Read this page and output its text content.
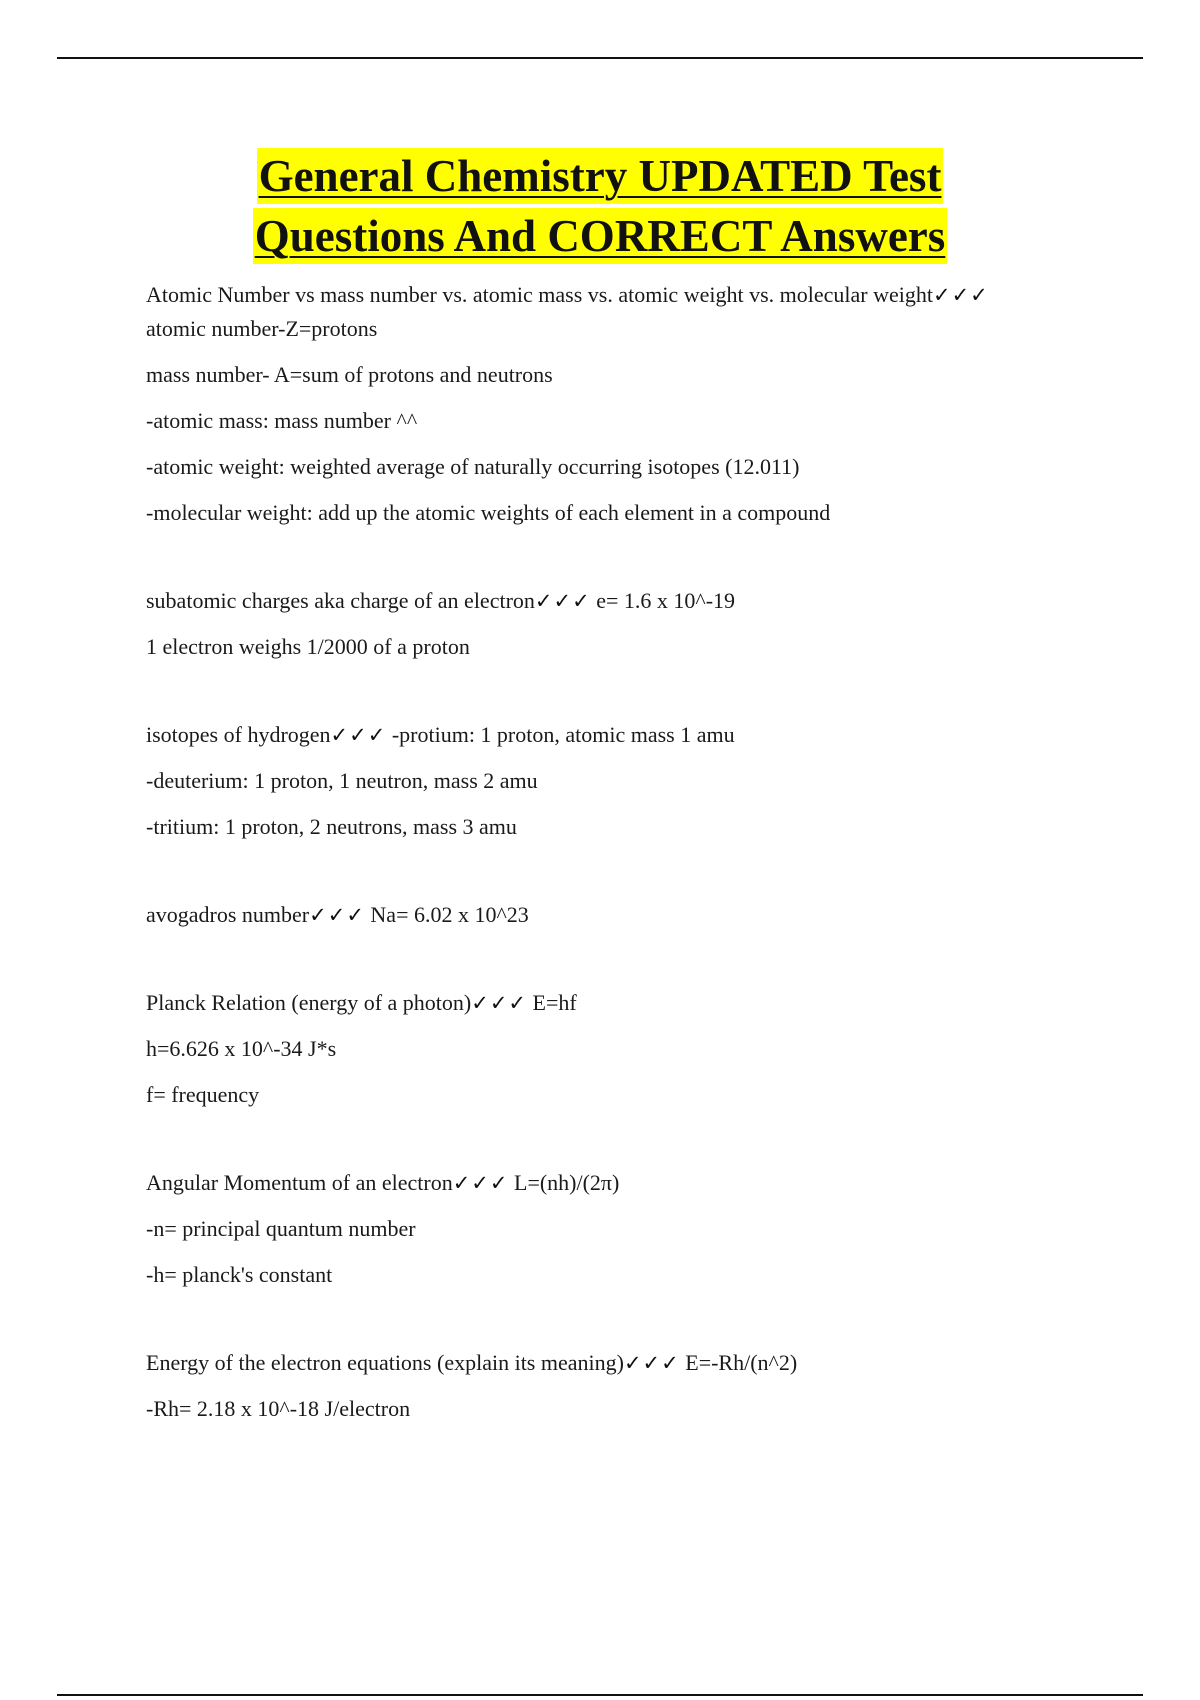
General Chemistry UPDATED Test
Questions And CORRECT Answers

Atomic Number vs mass number vs. atomic mass vs. atomic weight vs. molecular weight✓✓✓ atomic number-Z=protons

mass number- A=sum of protons and neutrons

-atomic mass: mass number ^^

-atomic weight: weighted average of naturally occurring isotopes (12.011)

-molecular weight: add up the atomic weights of each element in a compound

subatomic charges aka charge of an electron✓✓✓ e= 1.6 x 10^-19

1 electron weighs 1/2000 of a proton

isotopes of hydrogen✓✓✓ -protium: 1 proton, atomic mass 1 amu

-deuterium: 1 proton, 1 neutron, mass 2 amu

-tritium: 1 proton, 2 neutrons, mass 3 amu

avogadros number✓✓✓ Na= 6.02 x 10^23

Planck Relation (energy of a photon)✓✓✓ E=hf

h=6.626 x 10^-34 J*s

f= frequency

Angular Momentum of an electron✓✓✓ L=(nh)/(2π)

-n= principal quantum number

-h= planck's constant

Energy of the electron equations (explain its meaning)✓✓✓ E=-Rh/(n^2)

-Rh= 2.18 x 10^-18 J/electron
